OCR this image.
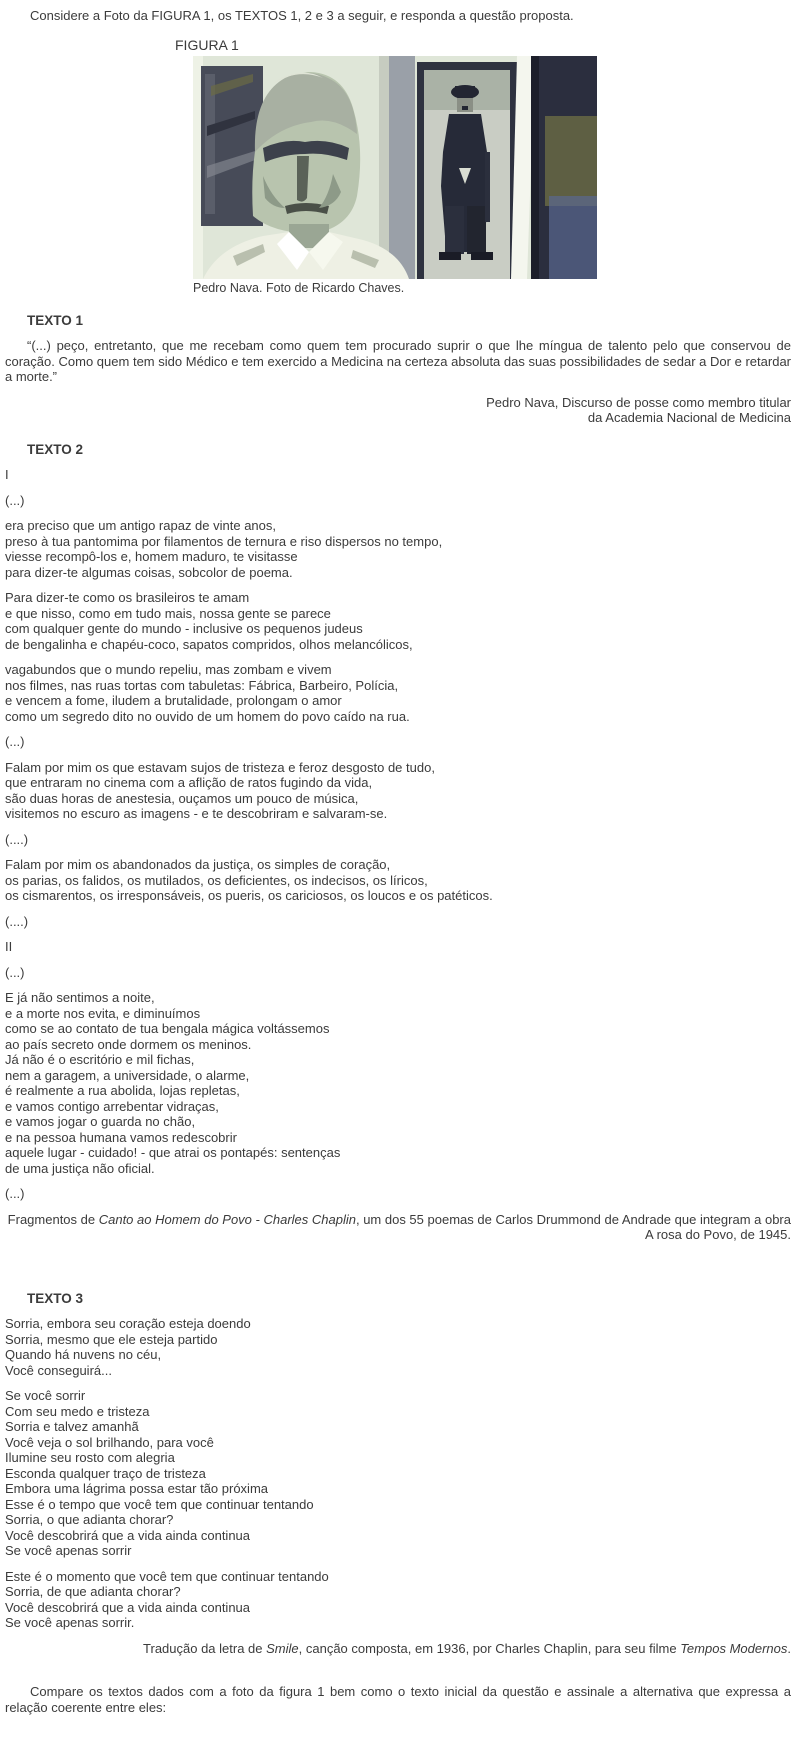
Considere a Foto da FIGURA 1, os TEXTOS 1, 2 e 3 a seguir, e responda a questão proposta.

FIGURA 1
Pedro Nava. Foto de Ricardo Chaves.
TEXTO 1

“(...) peço, entretanto, que me recebam como quem tem procurado suprir o que lhe míngua de talento pelo que conservou de coração. Como quem tem sido Médico e tem exercido a Medicina na certeza absoluta das suas possibilidades de sedar a Dor e retardar a morte.”

Pedro Nava, Discurso de posse como membro titular
da Academia Nacional de Medicina
TEXTO 2
I
(...)
era preciso que um antigo rapaz de vinte anos,
preso à tua pantomima por filamentos de ternura e riso dispersos no tempo,
viesse recompô-los e, homem maduro, te visitasse
para dizer-te algumas coisas, sobcolor de poema.
Para dizer-te como os brasileiros te amam
e que nisso, como em tudo mais, nossa gente se parece
com qualquer gente do mundo - inclusive os pequenos judeus
de bengalinha e chapéu-coco, sapatos compridos, olhos melancólicos,
vagabundos que o mundo repeliu, mas zombam e vivem
nos filmes, nas ruas tortas com tabuletas: Fábrica, Barbeiro, Polícia,
e vencem a fome, iludem a brutalidade, prolongam o amor
como um segredo dito no ouvido de um homem do povo caído na rua.
(...)
Falam por mim os que estavam sujos de tristeza e feroz desgosto de tudo,
que entraram no cinema com a aflição de ratos fugindo da vida,
são duas horas de anestesia, ouçamos um pouco de música,
visitemos no escuro as imagens - e te descobriram e salvaram-se.
(....)
Falam por mim os abandonados da justiça, os simples de coração,
os parias, os falidos, os mutilados, os deficientes, os indecisos, os líricos,
os cismarentos, os irresponsáveis, os pueris, os cariciosos, os loucos e os patéticos.
(....)
II
(...)
E já não sentimos a noite,
e a morte nos evita, e diminuímos
como se ao contato de tua bengala mágica voltássemos
ao país secreto onde dormem os meninos.
Já não é o escritório e mil fichas,
nem a garagem, a universidade, o alarme,
é realmente a rua abolida, lojas repletas,
e vamos contigo arrebentar vidraças,
e vamos jogar o guarda no chão,
e na pessoa humana vamos redescobrir
aquele lugar - cuidado! - que atrai os pontapés: sentenças
de uma justiça não oficial.
(...)
Fragmentos de Canto ao Homem do Povo - Charles Chaplin, um dos 55 poemas de Carlos Drummond de Andrade que integram a obra A rosa do Povo, de 1945.
TEXTO 3
Sorria, embora seu coração esteja doendo
Sorria, mesmo que ele esteja partido
Quando há nuvens no céu,
Você conseguirá...
Se você sorrir
Com seu medo e tristeza
Sorria e talvez amanhã
Você veja o sol brilhando, para você
Ilumine seu rosto com alegria
Esconda qualquer traço de tristeza
Embora uma lágrima possa estar tão próxima
Esse é o tempo que você tem que continuar tentando
Sorria, o que adianta chorar?
Você descobrirá que a vida ainda continua
Se você apenas sorrir
Este é o momento que você tem que continuar tentando
Sorria, de que adianta chorar?
Você descobrirá que a vida ainda continua
Se você apenas sorrir.
Tradução da letra de Smile, canção composta, em 1936, por Charles Chaplin, para seu filme Tempos Modernos.

Compare os textos dados com a foto da figura 1 bem como o texto inicial da questão e assinale a alternativa que expressa a relação coerente entre eles:
